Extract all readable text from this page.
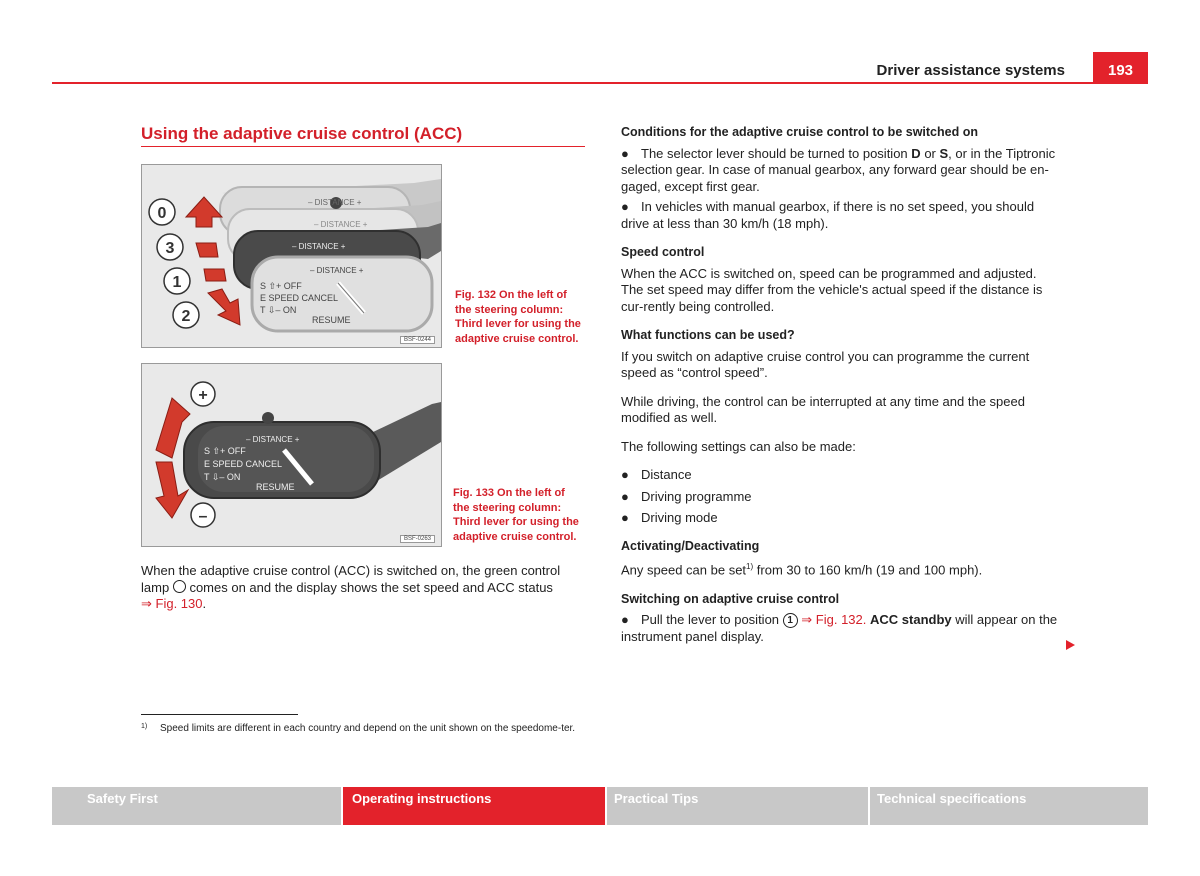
Driver assistance systems	193
Using the adaptive cruise control (ACC)
– DISTANCE +
– DISTANCE +
– DISTANCE +
– DISTANCE +
S ⇧+ OFF
E SPEED CANCEL
T ⇩– ON
RESUME
0
3
1
2
BSF-0244
Fig. 132 On the left of the steering column: Third lever for using the adaptive cruise control.
– DISTANCE +
S ⇧+ OFF
E SPEED CANCEL
T ⇩– ON
RESUME
+
–
BSF-0263
Fig. 133 On the left of the steering column: Third lever for using the adaptive cruise control.
When the adaptive cruise control (ACC) is switched on, the green control lamp comes on and the display shows the set speed and ACC status
⇒ Fig. 130.
1)	Speed limits are different in each country and depend on the unit shown on the speedome-ter.
Conditions for the adaptive cruise control to be switched on
● The selector lever should be turned to position D or S, or in the Tiptronic selection gear. In case of manual gearbox, any forward gear should be en-gaged, except first gear.
● In vehicles with manual gearbox, if there is no set speed, you should drive at less than 30 km/h (18 mph).
Speed control

When the ACC is switched on, speed can be programmed and adjusted. The set speed may differ from the vehicle's actual speed if the distance is cur-rently being controlled.

What functions can be used?

If you switch on adaptive cruise control you can programme the current speed as “control speed”.

While driving, the control can be interrupted at any time and the speed modified as well.

The following settings can also be made:

● Distance
● Driving programme
● Driving mode
Activating/Deactivating

Any speed can be set$^{1)}$ from 30 to 160 km/h (19 and 100 mph).

Switching on adaptive cruise control
● Pull the lever to position 1 ⇒ Fig. 132. ACC standby will appear on the instrument panel display.
Safety First	Operating instructions	Practical Tips	Technical specifications
